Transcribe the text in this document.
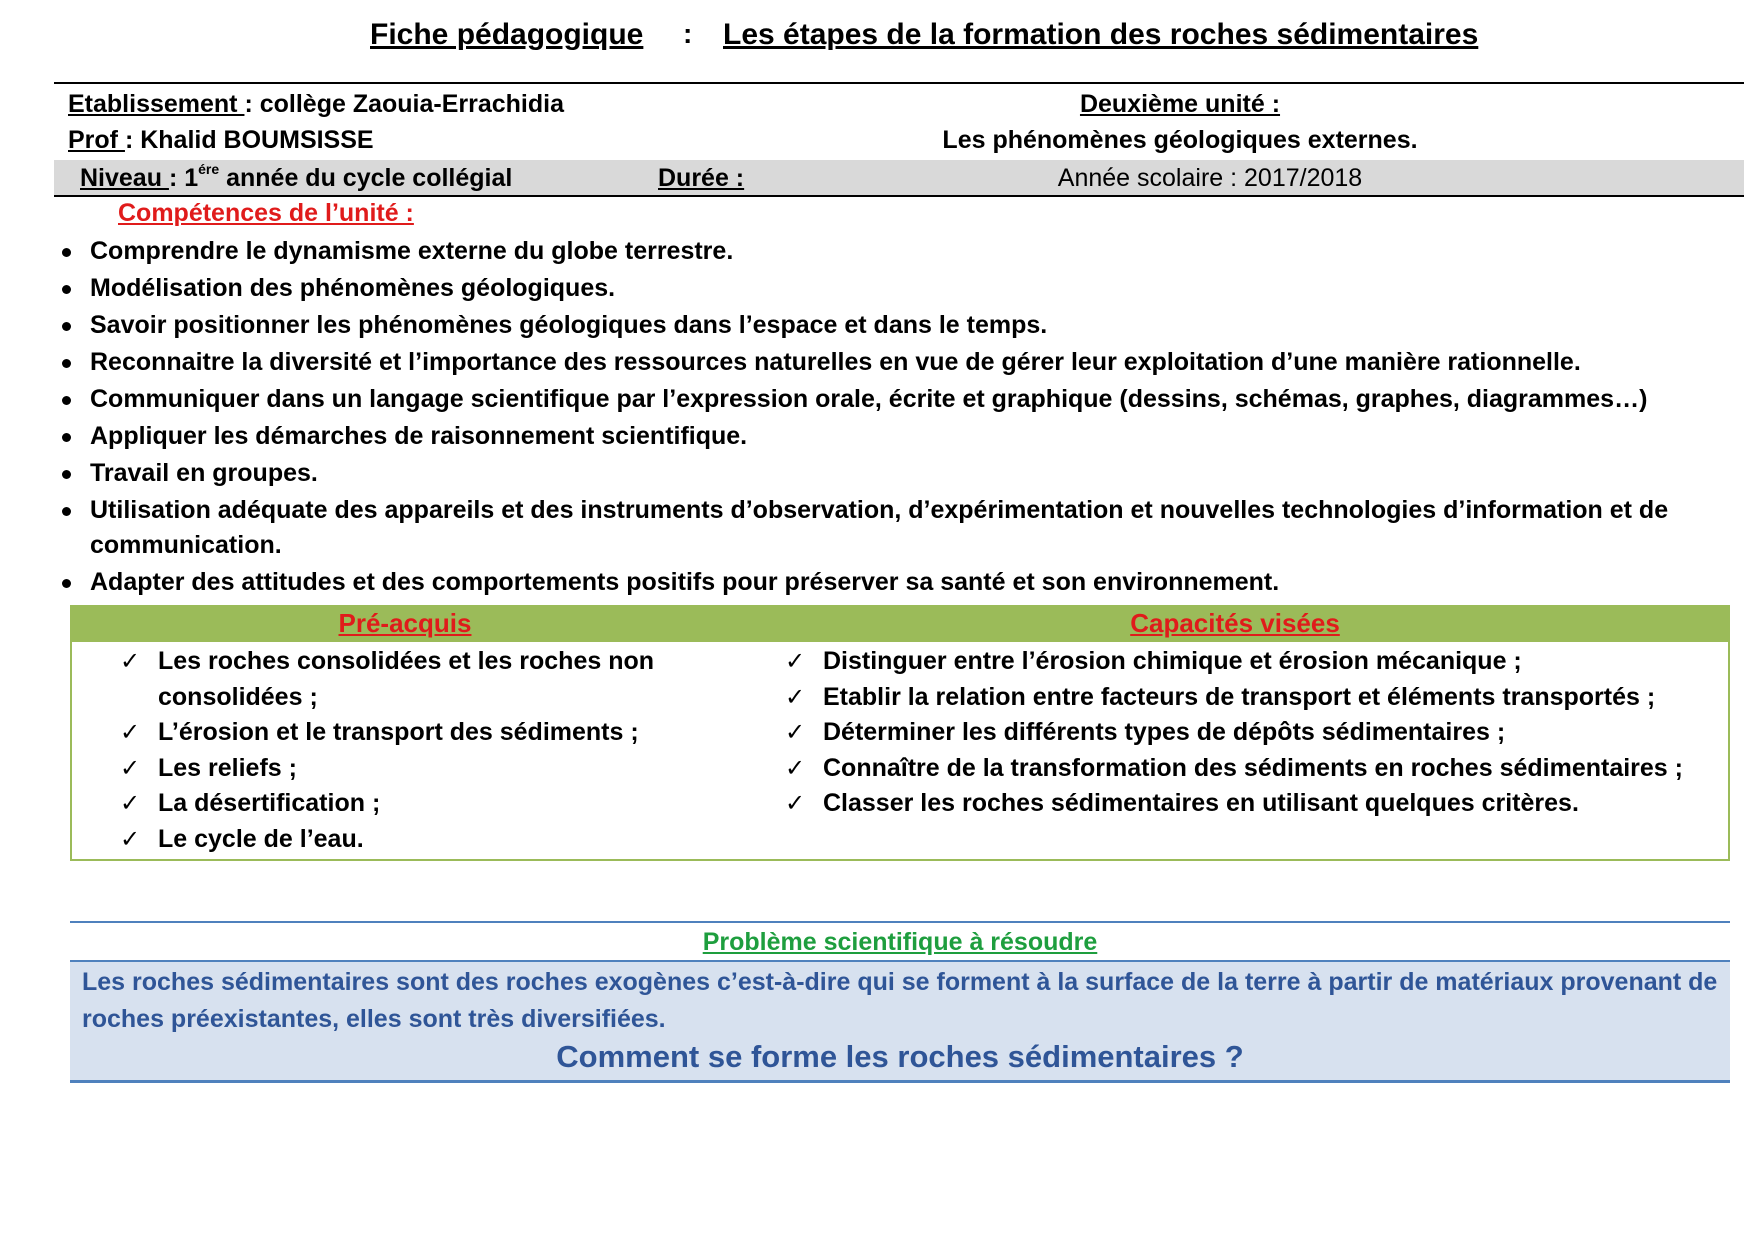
Fiche pédagogique : Les étapes de la formation des roches sédimentaires
Etablissement : collège Zaouia-Errachidia
Prof : Khalid BOUMSISSE
Niveau : $1^{ére}$ année du cycle collégial	Durée :	Année scolaire : 2017/2018
Deuxième unité :
Les phénomènes géologiques externes.
Compétences de l’unité :
Comprendre le dynamisme externe du globe terrestre.
Modélisation des phénomènes géologiques.
Savoir positionner les phénomènes géologiques dans l’espace et dans le temps.
Reconnaitre la diversité et l’importance des ressources naturelles en vue de gérer leur exploitation d’une manière rationnelle.
Communiquer dans un langage scientifique par l’expression orale, écrite et graphique (dessins, schémas, graphes, diagrammes…)
Appliquer les démarches de raisonnement scientifique.
Travail en groupes.
Utilisation adéquate des appareils et des instruments d’observation, d’expérimentation et nouvelles technologies d’information et de communication.
Adapter des attitudes et des comportements positifs pour préserver sa santé et son environnement.
Pré-acquis	Capacités visées
✓ Les roches consolidées et les roches non consolidées ;
✓ L’érosion et le transport des sédiments ;
✓ Les reliefs ;
✓ La désertification ;
✓ Le cycle de l’eau.
✓ Distinguer entre l’érosion chimique et érosion mécanique ;
✓ Etablir la relation entre facteurs de transport et éléments transportés ;
✓ Déterminer les différents types de dépôts sédimentaires ;
✓ Connaître de la transformation des sédiments en roches sédimentaires ;
✓ Classer les roches sédimentaires en utilisant quelques critères.
Problème scientifique à résoudre
Les roches sédimentaires sont des roches exogènes c’est-à-dire qui se forment à la surface de la terre à partir de matériaux provenant de roches préexistantes, elles sont très diversifiées.
Comment se forme les roches sédimentaires ?
